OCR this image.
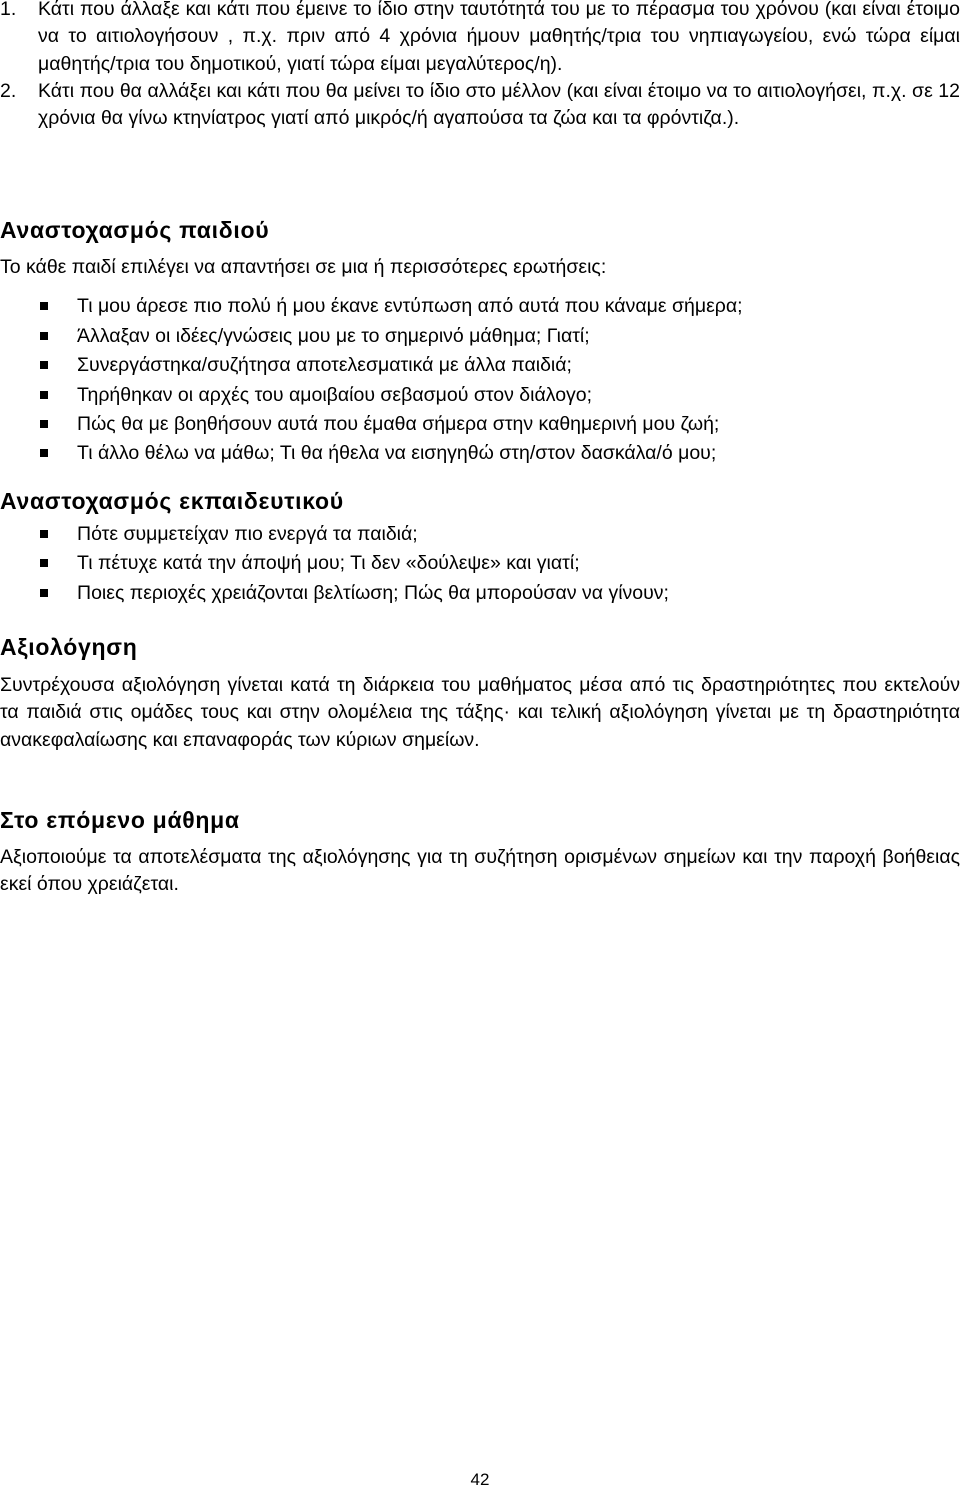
1.	Κάτι που άλλαξε και κάτι που έμεινε το ίδιο στην ταυτότητά του με το πέρασμα του χρόνου (και είναι έτοιμο να το αιτιολογήσουν , π.χ. πριν από 4 χρόνια ήμουν μαθητής/τρια του νηπιαγωγείου, ενώ τώρα είμαι μαθητής/τρια του δημοτικού, γιατί τώρα είμαι μεγαλύτερος/η).
2.	Κάτι που θα αλλάξει και κάτι που θα μείνει το ίδιο στο μέλλον (και είναι έτοιμο να το αιτιολογήσει, π.χ. σε 12 χρόνια θα γίνω κτηνίατρος γιατί από μικρός/ή αγαπούσα τα ζώα και τα φρόντιζα.).
Αναστοχασμός παιδιού

Το κάθε παιδί επιλέγει να απαντήσει σε μια ή περισσότερες ερωτήσεις:

Τι μου άρεσε πιο πολύ ή μου έκανε εντύπωση από αυτά που κάναμε σήμερα;
Άλλαξαν οι ιδέες/γνώσεις μου με το σημερινό μάθημα; Γιατί;
Συνεργάστηκα/συζήτησα αποτελεσματικά με άλλα παιδιά;
Τηρήθηκαν οι αρχές του αμοιβαίου σεβασμού στον διάλογο;
Πώς θα με βοηθήσουν αυτά που έμαθα σήμερα στην καθημερινή μου ζωή;
Τι άλλο θέλω να μάθω; Τι θα ήθελα να εισηγηθώ στη/στον δασκάλα/ό μου;
Αναστοχασμός εκπαιδευτικού
Πότε συμμετείχαν πιο ενεργά τα παιδιά;
Τι πέτυχε κατά την άποψή μου; Τι δεν «δούλεψε» και γιατί;
Ποιες περιοχές χρειάζονται βελτίωση; Πώς θα μπορούσαν να γίνουν;
Αξιολόγηση

Συντρέχουσα αξιολόγηση γίνεται κατά τη διάρκεια του μαθήματος μέσα από τις δραστηριότητες που εκτελούν τα παιδιά στις ομάδες τους και στην ολομέλεια της τάξης· και τελική αξιολόγηση γίνεται με τη δραστηριότητα ανακεφαλαίωσης και επαναφοράς των κύριων σημείων.

Στο επόμενο μάθημα

Αξιοποιούμε τα αποτελέσματα της αξιολόγησης για τη συζήτηση ορισμένων σημείων και την παροχή βοήθειας εκεί όπου χρειάζεται.

42
